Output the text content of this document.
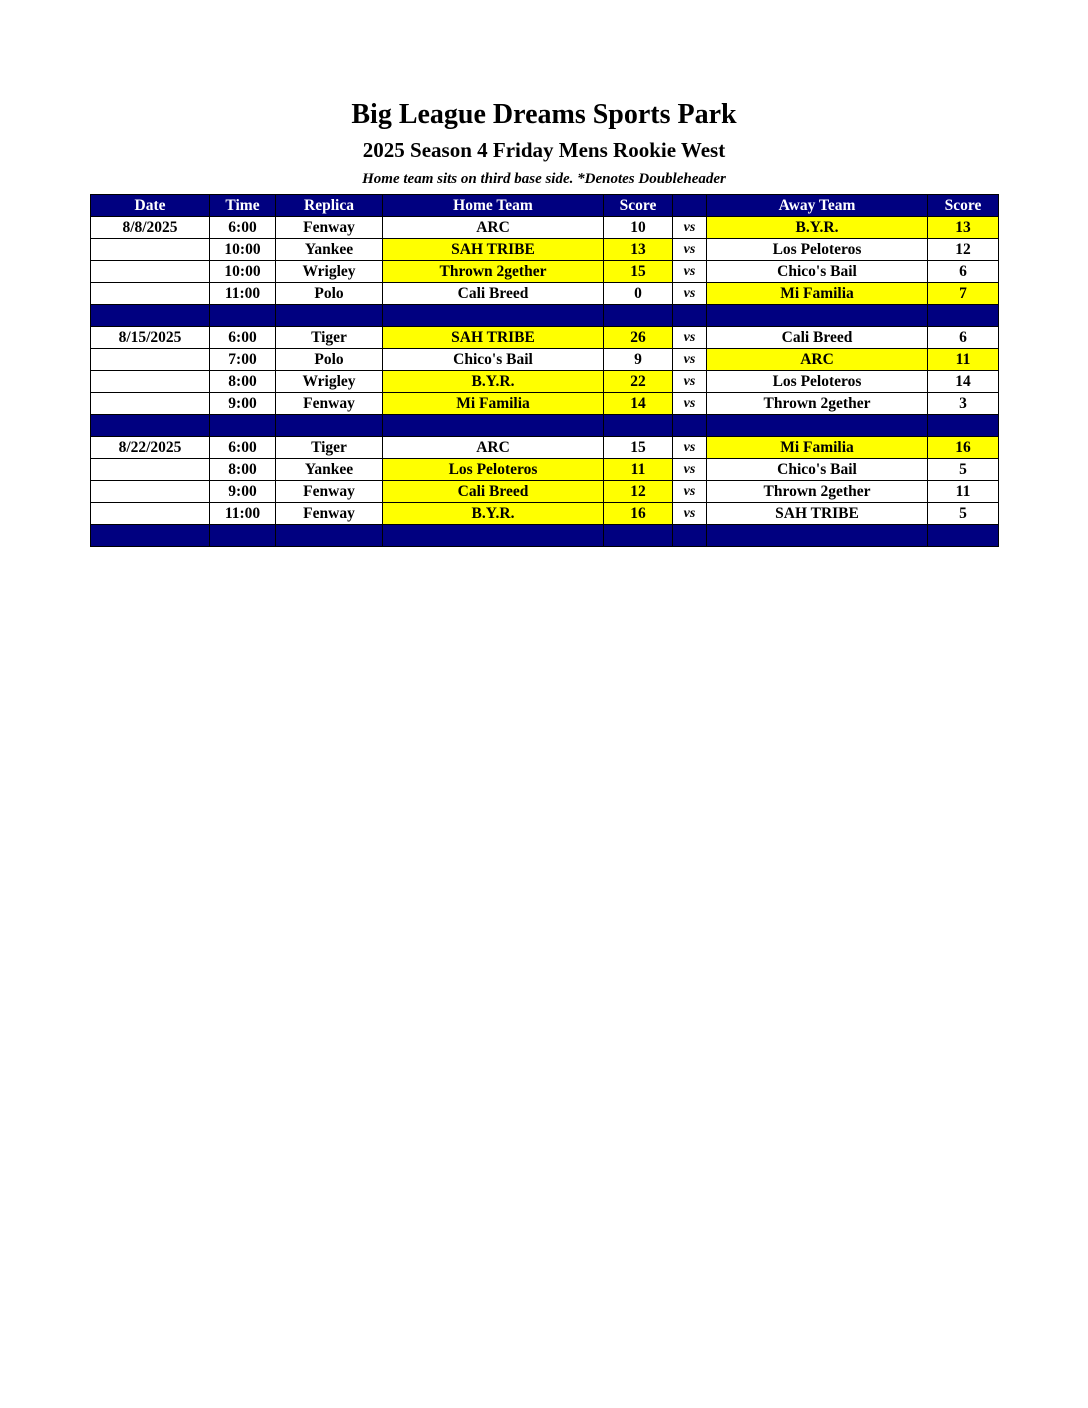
Big League Dreams Sports Park
2025 Season 4 Friday Mens Rookie West
Home team sits on third base side. *Denotes Doubleheader
Date	Time	Replica	Home Team	Score		Away Team	Score
8/8/2025	6:00	Fenway	ARC	10	vs	B.Y.R.	13
	10:00	Yankee	SAH TRIBE	13	vs	Los Peloteros	12
	10:00	Wrigley	Thrown 2gether	15	vs	Chico's Bail	6
	11:00	Polo	Cali Breed	0	vs	Mi Familia	7

8/15/2025	6:00	Tiger	SAH TRIBE	26	vs	Cali Breed	6
	7:00	Polo	Chico's Bail	9	vs	ARC	11
	8:00	Wrigley	B.Y.R.	22	vs	Los Peloteros	14
	9:00	Fenway	Mi Familia	14	vs	Thrown 2gether	3

8/22/2025	6:00	Tiger	ARC	15	vs	Mi Familia	16
	8:00	Yankee	Los Peloteros	11	vs	Chico's Bail	5
	9:00	Fenway	Cali Breed	12	vs	Thrown 2gether	11
	11:00	Fenway	B.Y.R.	16	vs	SAH TRIBE	5
